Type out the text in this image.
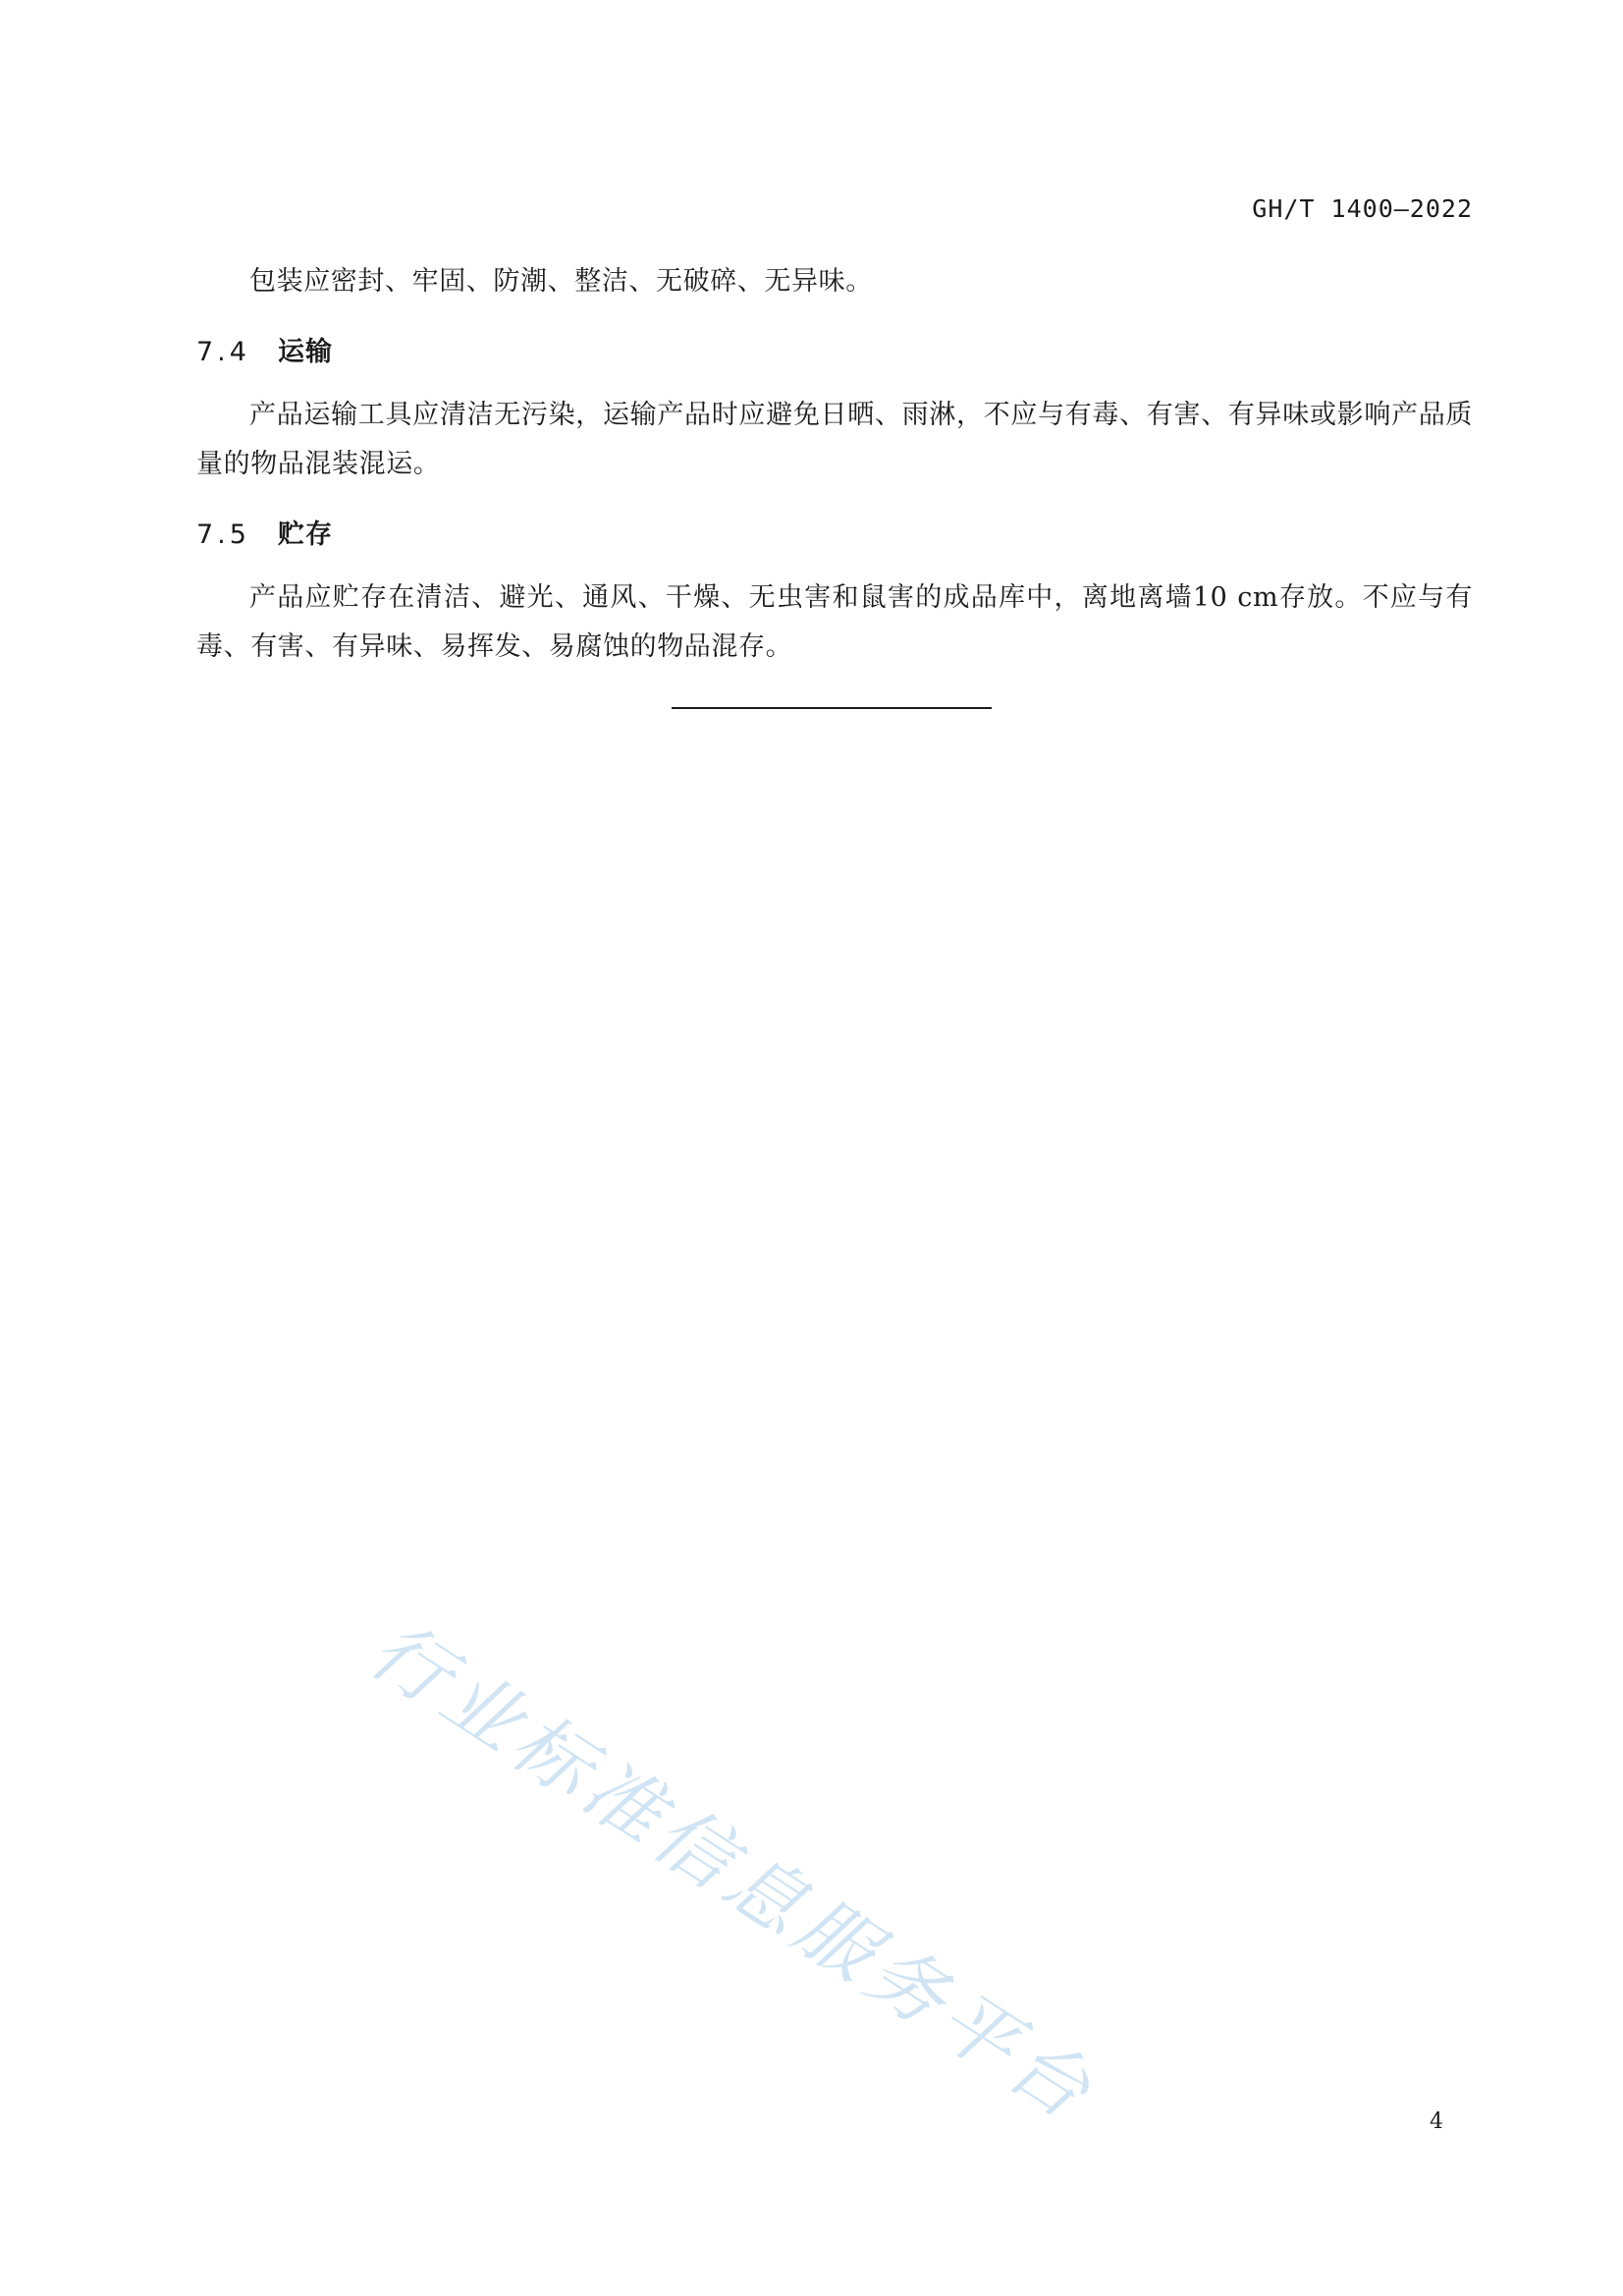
GH/T 1400—2022

包装应密封、牢固、防潮、整洁、无破碎、无异味。

7.4 运输

产品运输工具应清洁无污染，运输产品时应避免日晒、雨淋，不应与有毒、有害、有异味或影响产品质量的物品混装混运。

7.5 贮存

产品应贮存在清洁、避光、通风、干燥、无虫害和鼠害的成品库中，离地离墙10 cm存放。不应与有毒、有害、有异味、易挥发、易腐蚀的物品混存。

行业标准信息服务平台	4
